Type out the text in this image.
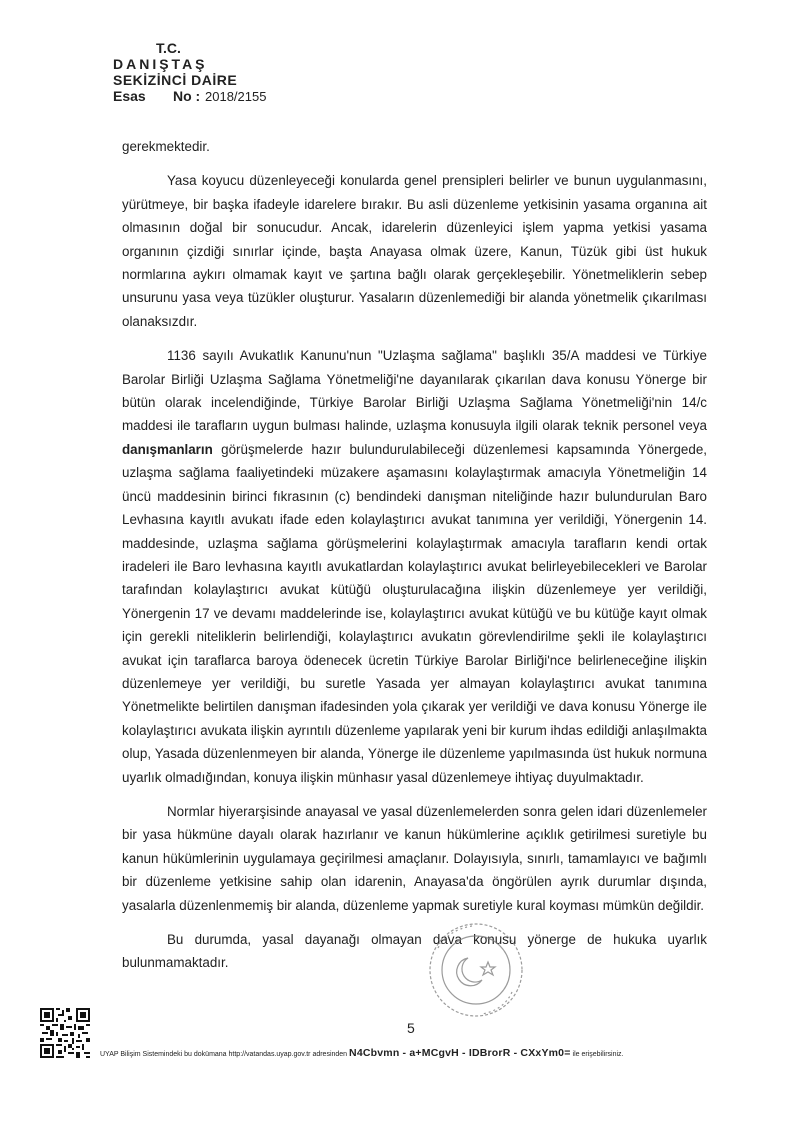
T.C.
DANIŞTAŞ
SEKİZİNCİ DAİRE
Esas No : 2018/2155

gerekmektedir.

Yasa koyucu düzenleyeceği konularda genel prensipleri belirler ve bunun uygulanmasını, yürütmeye, bir başka ifadeyle idarelere bırakır. Bu asli düzenleme yetkisinin yasama organına ait olmasının doğal bir sonucudur. Ancak, idarelerin düzenleyici işlem yapma yetkisi yasama organının çizdiği sınırlar içinde, başta Anayasa olmak üzere, Kanun, Tüzük gibi üst hukuk normlarına aykırı olmamak kayıt ve şartına bağlı olarak gerçekleşebilir. Yönetmeliklerin sebep unsurunu yasa veya tüzükler oluşturur. Yasaların düzenlemediği bir alanda yönetmelik çıkarılması olanaksızdır.

1136 sayılı Avukatlık Kanunu'nun "Uzlaşma sağlama" başlıklı 35/A maddesi ve Türkiye Barolar Birliği Uzlaşma Sağlama Yönetmeliği'ne dayanılarak çıkarılan dava konusu Yönerge bir bütün olarak incelendiğinde, Türkiye Barolar Birliği Uzlaşma Sağlama Yönetmeliği'nin 14/c maddesi ile tarafların uygun bulması halinde, uzlaşma konusuyla ilgili olarak teknik personel veya danışmanların görüşmelerde hazır bulundurulabileceği düzenlemesi kapsamında Yönergede, uzlaşma sağlama faaliyetindeki müzakere aşamasını kolaylaştırmak amacıyla Yönetmeliğin 14 üncü maddesinin birinci fıkrasının (c) bendindeki danışman niteliğinde hazır bulundurulan Baro Levhasına kayıtlı avukatı ifade eden kolaylaştırıcı avukat tanımına yer verildiği, Yönergenin 14. maddesinde, uzlaşma sağlama görüşmelerini kolaylaştırmak amacıyla tarafların kendi ortak iradeleri ile Baro levhasına kayıtlı avukatlardan kolaylaştırıcı avukat belirleyebilecekleri ve Barolar tarafından kolaylaştırıcı avukat kütüğü oluşturulacağına ilişkin düzenlemeye yer verildiği, Yönergenin 17 ve devamı maddelerinde ise, kolaylaştırıcı avukat kütüğü ve bu kütüğe kayıt olmak için gerekli niteliklerin belirlendiği, kolaylaştırıcı avukatın görevlendirilme şekli ile kolaylaştırıcı avukat için taraflarca baroya ödenecek ücretin Türkiye Barolar Birliği'nce belirleneceğine ilişkin düzenlemeye yer verildiği, bu suretle Yasada yer almayan kolaylaştırıcı avukat tanımına Yönetmelikte belirtilen danışman ifadesinden yola çıkarak yer verildiği ve dava konusu Yönerge ile kolaylaştırıcı avukata ilişkin ayrıntılı düzenleme yapılarak yeni bir kurum ihdas edildiği anlaşılmakta olup, Yasada düzenlenmeyen bir alanda, Yönerge ile düzenleme yapılmasında üst hukuk normuna uyarlık olmadığından, konuya ilişkin münhasır yasal düzenlemeye ihtiyaç duyulmaktadır.

Normlar hiyerarşisinde anayasal ve yasal düzenlemelerden sonra gelen idari düzenlemeler bir yasa hükmüne dayalı olarak hazırlanır ve kanun hükümlerine açıklık getirilmesi suretiyle bu kanun hükümlerinin uygulamaya geçirilmesi amaçlanır. Dolayısıyla, sınırlı, tamamlayıcı ve bağımlı bir düzenleme yetkisine sahip olan idarenin, Anayasa'da öngörülen ayrık durumlar dışında, yasalarla düzenlenmemiş bir alanda, düzenleme yapmak suretiyle kural koyması mümkün değildir.

Bu durumda, yasal dayanağı olmayan dava konusu yönerge de hukuka uyarlık bulunmamaktadır.

5
UYAP Bilişim Sistemindeki bu dokümana http://vatandas.uyap.gov.tr adresinden N4Cbvmn - a+MCgvH - IDBrorR - CXxYm0= ile erişebilirsiniz.
